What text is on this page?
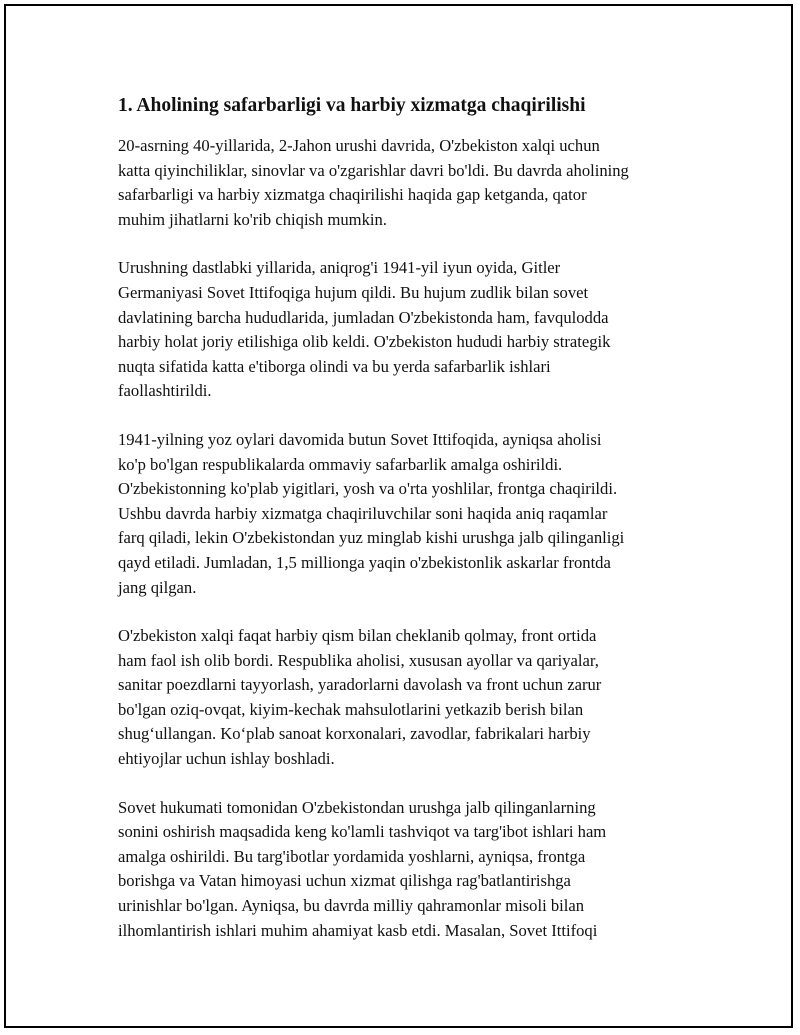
1. Aholining safarbarligi va harbiy xizmatga chaqirilishi

20-asrning 40-yillarida, 2-Jahon urushi davrida, O'zbekiston xalqi uchun
katta qiyinchiliklar, sinovlar va o'zgarishlar davri bo'ldi. Bu davrda aholining
safarbarligi va harbiy xizmatga chaqirilishi haqida gap ketganda, qator
muhim jihatlarni ko'rib chiqish mumkin.

Urushning dastlabki yillarida, aniqrog'i 1941-yil iyun oyida, Gitler
Germaniyasi Sovet Ittifoqiga hujum qildi. Bu hujum zudlik bilan sovet
davlatining barcha hududlarida, jumladan O'zbekistonda ham, favqulodda
harbiy holat joriy etilishiga olib keldi. O'zbekiston hududi harbiy strategik
nuqta sifatida katta e'tiborga olindi va bu yerda safarbarlik ishlari
faollashtirildi.

1941-yilning yoz oylari davomida butun Sovet Ittifoqida, ayniqsa aholisi
ko'p bo'lgan respublikalarda ommaviy safarbarlik amalga oshirildi.
O'zbekistonning ko'plab yigitlari, yosh va o'rta yoshlilar, frontga chaqirildi.
Ushbu davrda harbiy xizmatga chaqiriluvchilar soni haqida aniq raqamlar
farq qiladi, lekin O'zbekistondan yuz minglab kishi urushga jalb qilinganligi
qayd etiladi. Jumladan, 1,5 millionga yaqin o'zbekistonlik askarlar frontda
jang qilgan.

O'zbekiston xalqi faqat harbiy qism bilan cheklanib qolmay, front ortida
ham faol ish olib bordi. Respublika aholisi, xususan ayollar va qariyalar,
sanitar poezdlarni tayyorlash, yaradorlarni davolash va front uchun zarur
bo'lgan oziq-ovqat, kiyim-kechak mahsulotlarini yetkazib berish bilan
shug‘ullangan. Ko‘plab sanoat korxonalari, zavodlar, fabrikalari harbiy
ehtiyojlar uchun ishlay boshladi.

Sovet hukumati tomonidan O'zbekistondan urushga jalb qilinganlarning
sonini oshirish maqsadida keng ko'lamli tashviqot va targ'ibot ishlari ham
amalga oshirildi. Bu targ'ibotlar yordamida yoshlarni, ayniqsa, frontga
borishga va Vatan himoyasi uchun xizmat qilishga rag'batlantirishga
urinishlar bo'lgan. Ayniqsa, bu davrda milliy qahramonlar misoli bilan
ilhomlantirish ishlari muhim ahamiyat kasb etdi. Masalan, Sovet Ittifoqi
